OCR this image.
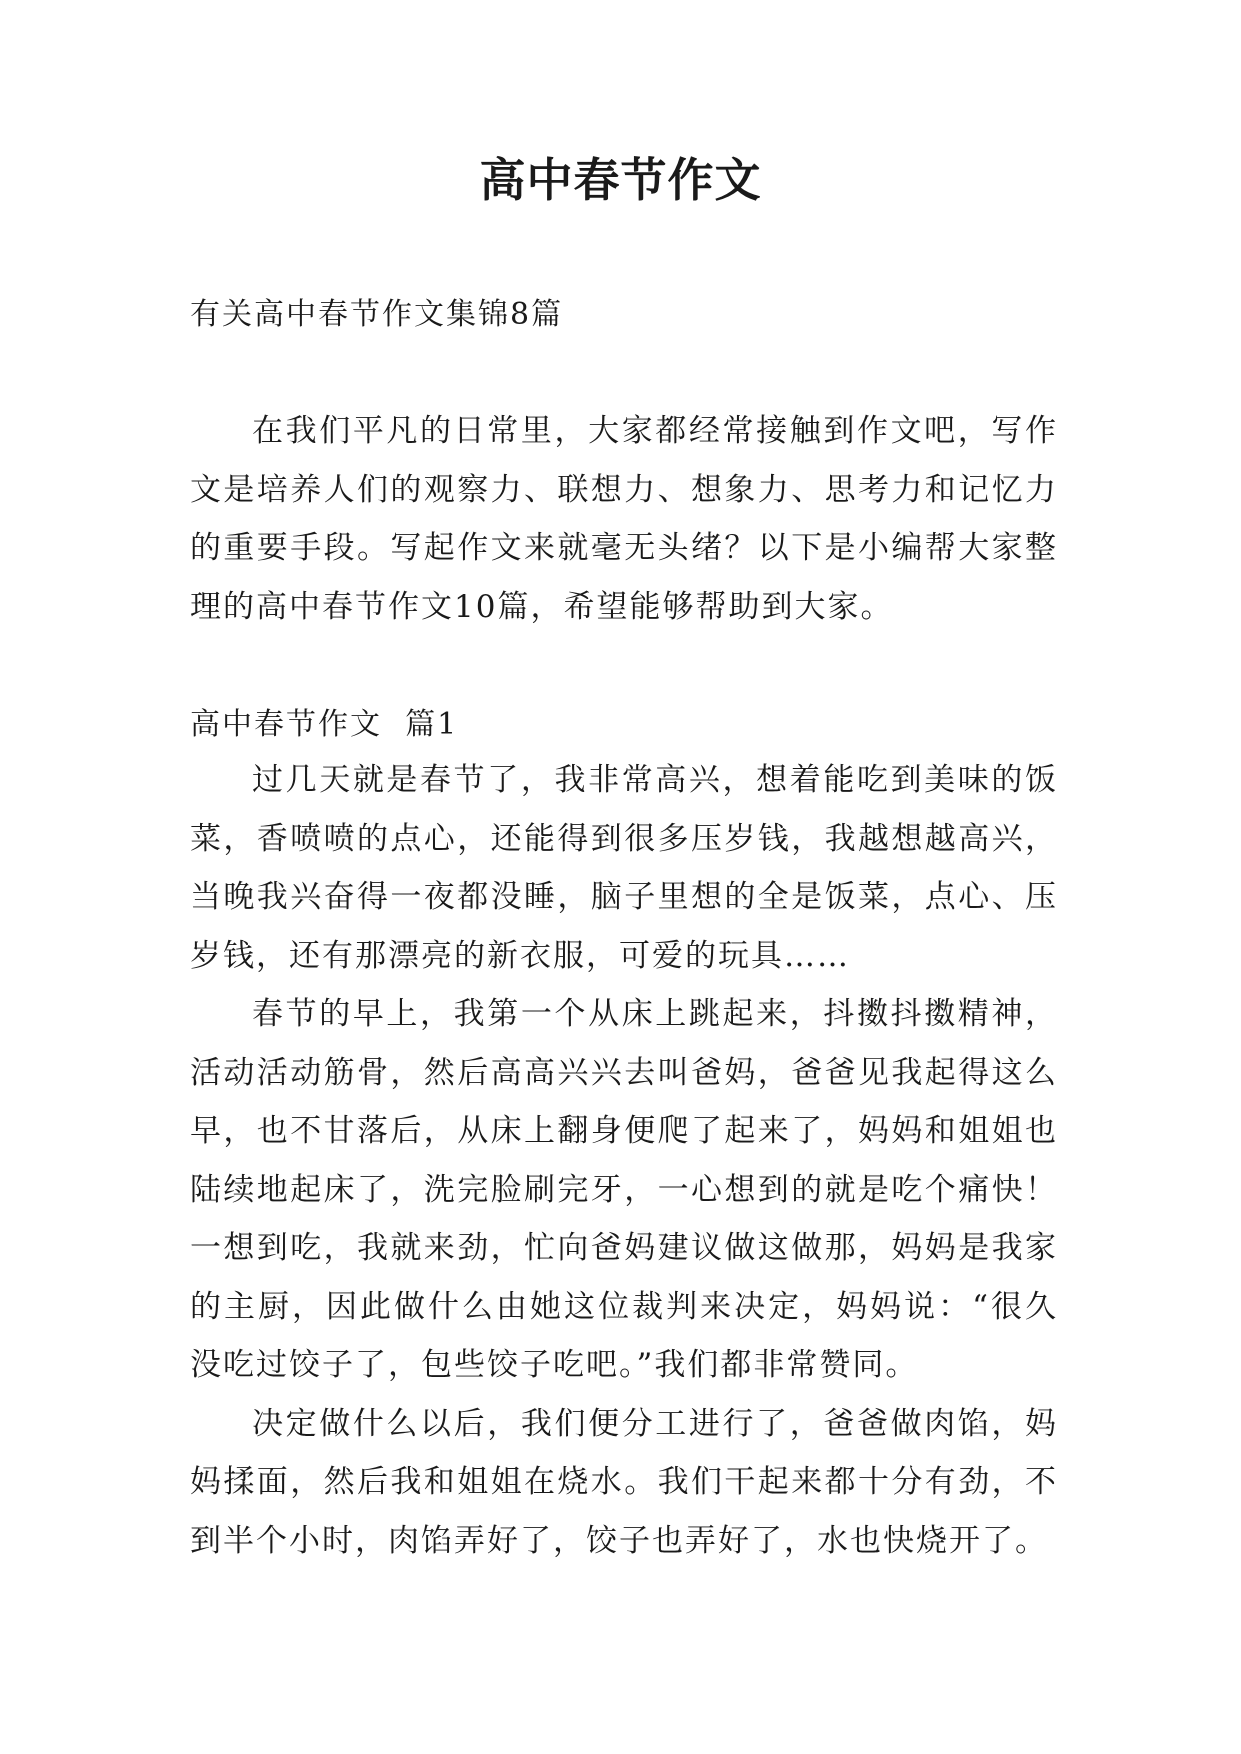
高中春节作文
有关高中春节作文集锦8篇

在我们平凡的日常里，大家都经常接触到作文吧，写作文是培养人们的观察力、联想力、想象力、思考力和记忆力的重要手段。写起作文来就毫无头绪？以下是小编帮大家整理的高中春节作文10篇，希望能够帮助到大家。

高中春节作文  篇1

过几天就是春节了，我非常高兴，想着能吃到美味的饭菜，香喷喷的点心，还能得到很多压岁钱，我越想越高兴，当晚我兴奋得一夜都没睡，脑子里想的全是饭菜，点心、压岁钱，还有那漂亮的新衣服，可爱的玩具……

春节的早上，我第一个从床上跳起来，抖擞抖擞精神，活动活动筋骨，然后高高兴兴去叫爸妈，爸爸见我起得这么早，也不甘落后，从床上翻身便爬了起来了，妈妈和姐姐也陆续地起床了，洗完脸刷完牙，一心想到的就是吃个痛快！一想到吃，我就来劲，忙向爸妈建议做这做那，妈妈是我家的主厨，因此做什么由她这位裁判来决定，妈妈说：“很久没吃过饺子了，包些饺子吃吧。”我们都非常赞同。

决定做什么以后，我们便分工进行了，爸爸做肉馅，妈妈揉面，然后我和姐姐在烧水。我们干起来都十分有劲，不到半个小时，肉馅弄好了，饺子也弄好了，水也快烧开了。
